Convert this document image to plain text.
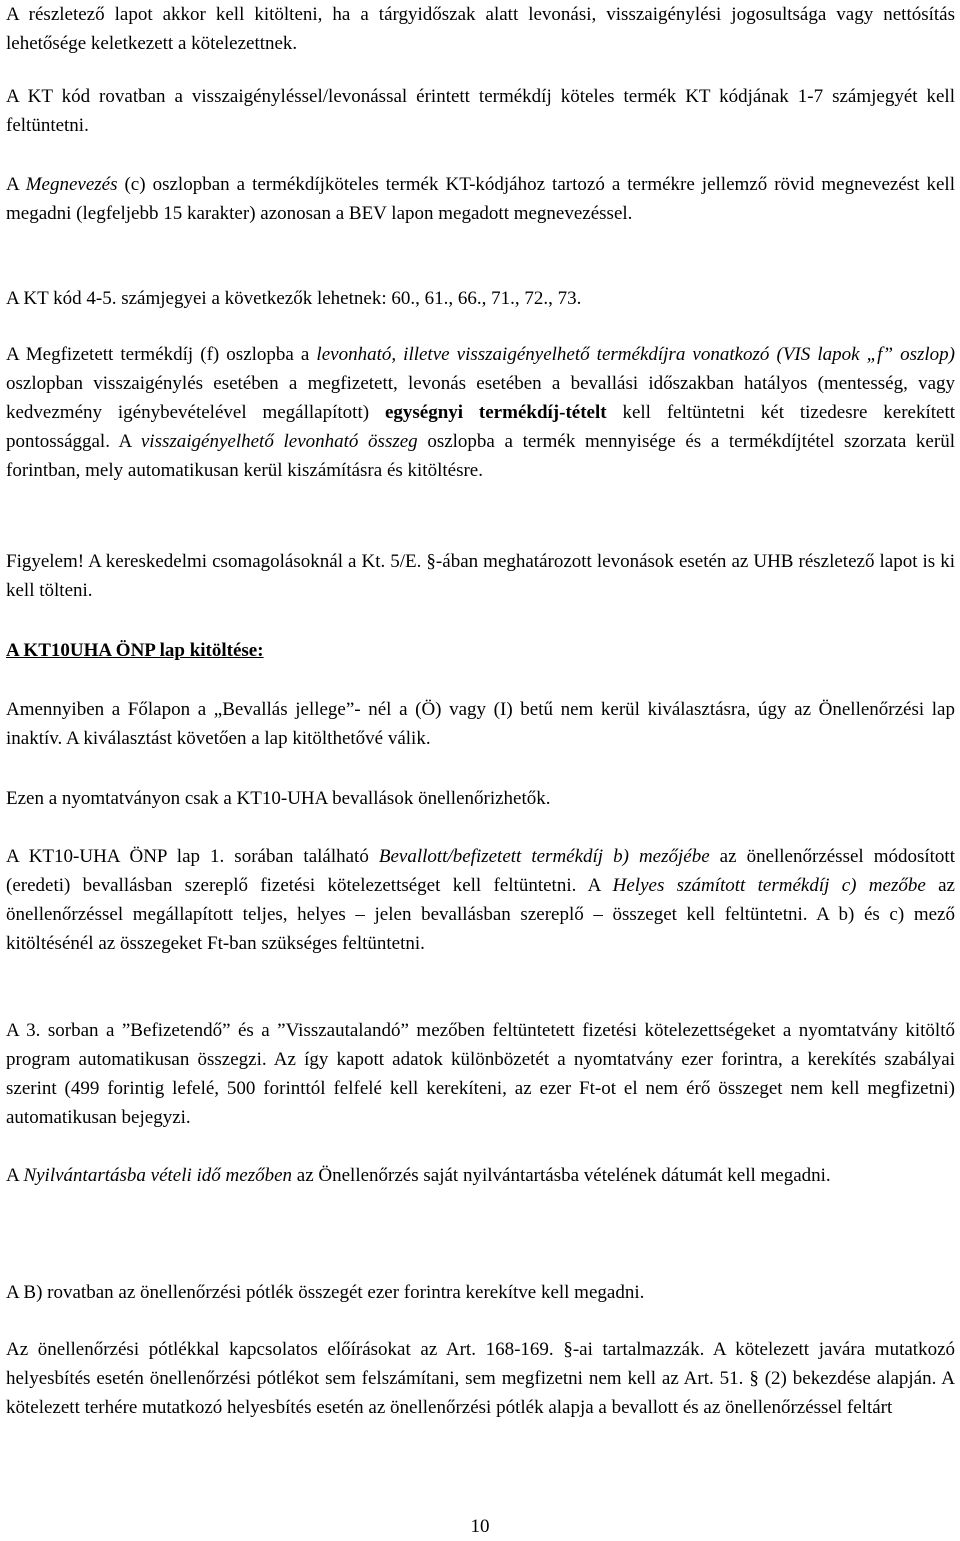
A részletező lapot akkor kell kitölteni, ha a tárgyidőszak alatt levonási, visszaigénylési jogosultsága vagy nettósítás lehetősége keletkezett a kötelezettnek.

A KT kód rovatban a visszaigényléssel/levonással érintett termékdíj köteles termék KT kódjának 1-7 számjegyét kell feltüntetni.

A Megnevezés (c) oszlopban a termékdíjköteles termék KT-kódjához tartozó a termékre jellemző rövid megnevezést kell megadni (legfeljebb 15 karakter) azonosan a BEV lapon megadott megnevezéssel.

A KT kód 4-5. számjegyei a következők lehetnek: 60., 61., 66., 71., 72., 73.

A Megfizetett termékdíj (f) oszlopba a levonható, illetve visszaigényelhető termékdíjra vonatkozó (VIS lapok „f” oszlop) oszlopban visszaigénylés esetében a megfizetett, levonás esetében a bevallási időszakban hatályos (mentesség, vagy kedvezmény igénybevételével megállapított) egységnyi termékdíj-tételt kell feltüntetni két tizedesre kerekített pontossággal. A visszaigényelhető levonható összeg oszlopba a termék mennyisége és a termékdíjtétel szorzata kerül forintban, mely automatikusan kerül kiszámításra és kitöltésre.

Figyelem! A kereskedelmi csomagolásoknál a Kt. 5/E. §-ában meghatározott levonások esetén az UHB részletező lapot is ki kell tölteni.

A KT10UHA ÖNP lap kitöltése:

Amennyiben a Főlapon a „Bevallás jellege”- nél a (Ö) vagy (I) betű nem kerül kiválasztásra, úgy az Önellenőrzési lap inaktív. A kiválasztást követően a lap kitölthetővé válik.

Ezen a nyomtatványon csak a KT10-UHA bevallások önellenőrizhetők.

A KT10-UHA ÖNP lap 1. sorában található Bevallott/befizetett termékdíj b) mezőjébe az önellenőrzéssel módosított (eredeti) bevallásban szereplő fizetési kötelezettséget kell feltüntetni. A Helyes számított termékdíj c) mezőbe az önellenőrzéssel megállapított teljes, helyes – jelen bevallásban szereplő – összeget kell feltüntetni. A b) és c) mező kitöltésénél az összegeket Ft-ban szükséges feltüntetni.

A 3. sorban a ”Befizetendő” és a ”Visszautalandó” mezőben feltüntetett fizetési kötelezettségeket a nyomtatvány kitöltő program automatikusan összegzi. Az így kapott adatok különbözetét a nyomtatvány ezer forintra, a kerekítés szabályai szerint (499 forintig lefelé, 500 forinttól felfelé kell kerekíteni, az ezer Ft-ot el nem érő összeget nem kell megfizetni) automatikusan bejegyzi.

A Nyilvántartásba vételi idő mezőben az Önellenőrzés saját nyilvántartásba vételének dátumát kell megadni.

A B) rovatban az önellenőrzési pótlék összegét ezer forintra kerekítve kell megadni.

Az önellenőrzési pótlékkal kapcsolatos előírásokat az Art. 168-169. §-ai tartalmazzák. A kötelezett javára mutatkozó helyesbítés esetén önellenőrzési pótlékot sem felszámítani, sem megfizetni nem kell az Art. 51. § (2) bekezdése alapján. A kötelezett terhére mutatkozó helyesbítés esetén az önellenőrzési pótlék alapja a bevallott és az önellenőrzéssel feltárt

10
